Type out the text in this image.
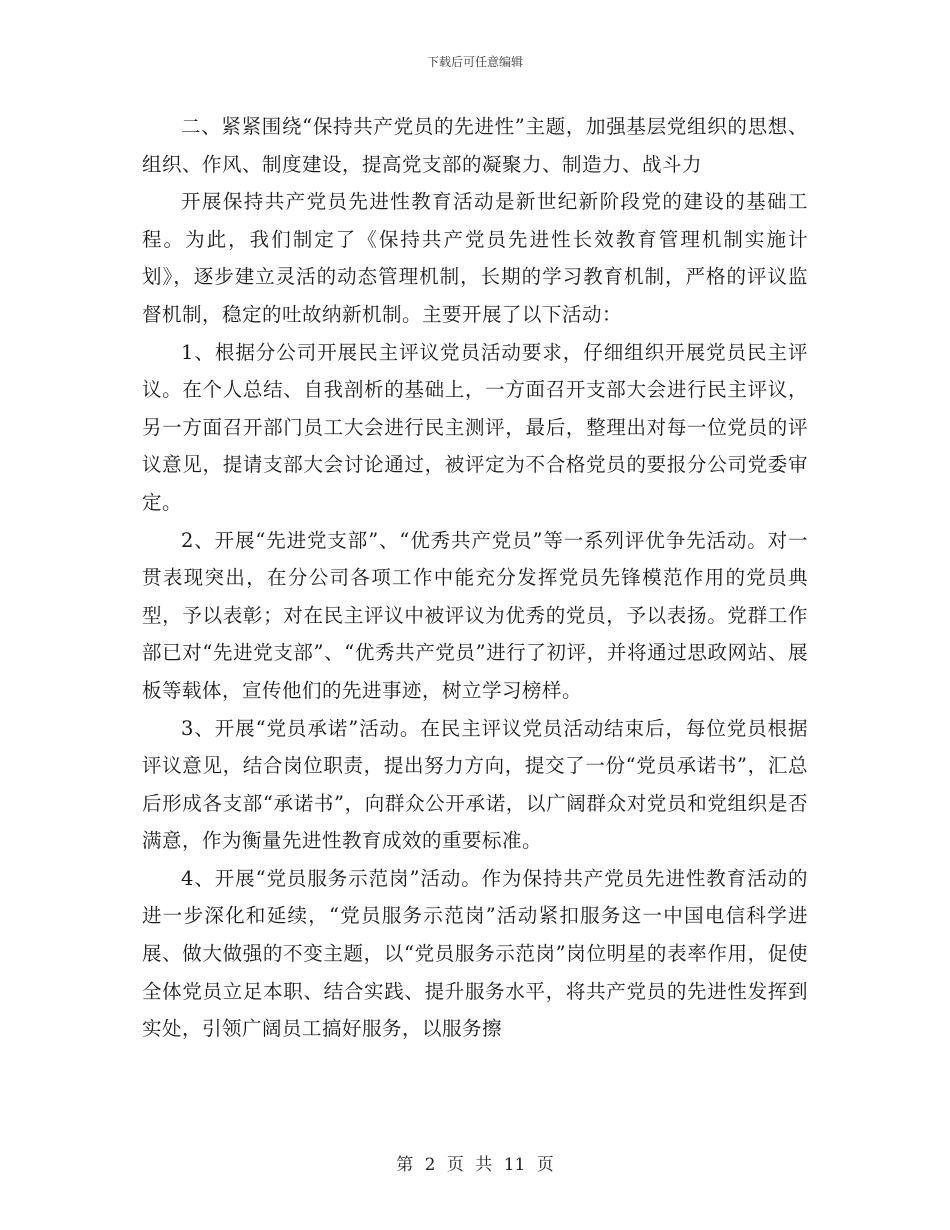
下载后可任意编辑

二、紧紧围绕“保持共产党员的先进性”主题，加强基层党组织的思想、组织、作风、制度建设，提高党支部的凝聚力、制造力、战斗力

开展保持共产党员先进性教育活动是新世纪新阶段党的建设的基础工程。为此，我们制定了《保持共产党员先进性长效教育管理机制实施计划》，逐步建立灵活的动态管理机制，长期的学习教育机制，严格的评议监督机制，稳定的吐故纳新机制。主要开展了以下活动：

1、根据分公司开展民主评议党员活动要求，仔细组织开展党员民主评议。在个人总结、自我剖析的基础上，一方面召开支部大会进行民主评议，另一方面召开部门员工大会进行民主测评，最后，整理出对每一位党员的评议意见，提请支部大会讨论通过，被评定为不合格党员的要报分公司党委审定。

2、开展“先进党支部”、“优秀共产党员”等一系列评优争先活动。对一贯表现突出，在分公司各项工作中能充分发挥党员先锋模范作用的党员典型，予以表彰；对在民主评议中被评议为优秀的党员，予以表扬。党群工作部已对“先进党支部”、“优秀共产党员”进行了初评，并将通过思政网站、展板等载体，宣传他们的先进事迹，树立学习榜样。

3、开展“党员承诺”活动。在民主评议党员活动结束后，每位党员根据评议意见，结合岗位职责，提出努力方向，提交了一份“党员承诺书”，汇总后形成各支部“承诺书”，向群众公开承诺，以广阔群众对党员和党组织是否满意，作为衡量先进性教育成效的重要标准。

4、开展“党员服务示范岗”活动。作为保持共产党员先进性教育活动的进一步深化和延续，“党员服务示范岗”活动紧扣服务这一中国电信科学进展、做大做强的不变主题，以“党员服务示范岗”岗位明星的表率作用，促使全体党员立足本职、结合实践、提升服务水平，将共产党员的先进性发挥到实处，引领广阔员工搞好服务，以服务擦

第 2 页 共 11 页
